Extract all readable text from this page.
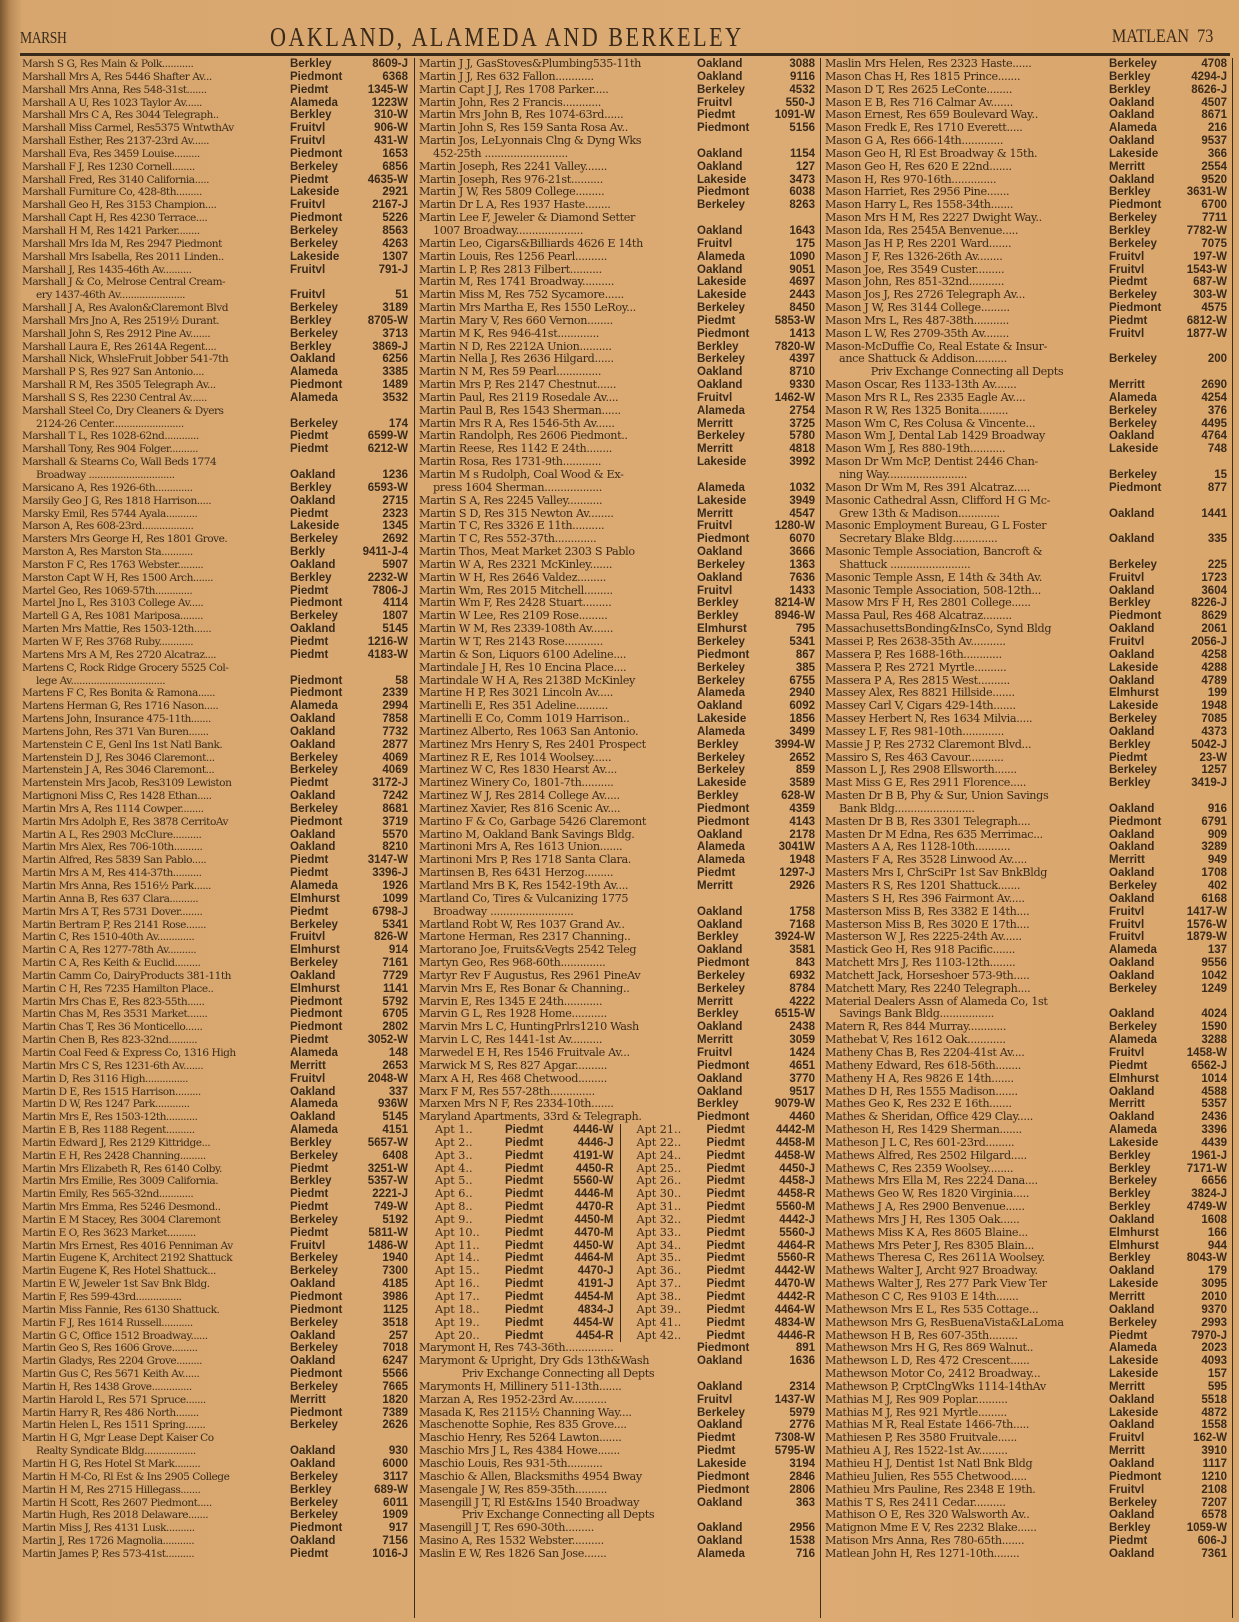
MARSH	OAKLAND, ALAMEDA AND BERKELEY	MATLEAN 73
Marsh S G, Res Main & Polk...........	Berkley	8609-J
Marshall Mrs A, Res 5446 Shafter Av...	Piedmont	6368
Marshall Mrs Anna, Res 548-31st.......	Piedmt	1345-W
Marshall A U, Res 1023 Taylor Av......	Alameda	1223W
Marshall Mrs C A, Res 3044 Telegraph..	Berkley	310-W
Marshall Miss Carmel, Res5375 WntwthAv	Fruitvl	906-W
Marshall Esther, Res 2137-23rd Av......	Fruitvl	431-W
Marshall Eva, Res 3459 Louise.........	Piedmont	1653
Marshall F J, Res 1230 Cornell........	Berkeley	6856
Marshall Fred, Res 3140 California.....	Piedmt	4635-W
Marshall Furniture Co, 428-8th.........	Lakeside	2921
Marshall Geo H, Res 3153 Champion....	Fruitvl	2167-J
Marshall Capt H, Res 4230 Terrace....	Piedmont	5226
Marshall H M, Res 1421 Parker........	Berkeley	8563
Marshall Mrs Ida M, Res 2947 Piedmont	Berkeley	4263
Marshall Mrs Isabella, Res 2011 Linden..	Lakeside	1307
Marshall J, Res 1435-46th Av..........	Fruitvl	791-J
Marshall J & Co, Melrose Central Cream-
ery 1437-46th Av.......................	Fruitvl	51
Marshall J A, Res Avalon&Claremont Blvd	Berkeley	3189
Marshall Mrs Jno A, Res 2519½ Durant.	Berkley	8705-W
Marshall John S, Res 2912 Pine Av.......	Berkeley	3713
Marshall Laura E, Res 2614A Regent....	Berkley	3869-J
Marshall Nick, WhsleFruit Jobber 541-7th	Oakland	6256
Marshall P S, Res 927 San Antonio....	Alameda	3385
Marshall R M, Res 3505 Telegraph Av...	Piedmont	1489
Marshall S S, Res 2230 Central Av......	Alameda	3532
Marshall Steel Co, Dry Cleaners & Dyers
2124-26 Center.........................	Berkeley	174
Marshall T L, Res 1028-62nd............	Piedmt	6599-W
Marshall Tony, Res 904 Folger..........	Piedmt	6212-W
Marshall & Stearns Co, Wall Beds 1774
Broadway ..............................	Oakland	1236
Marsicano A, Res 1926-6th.............	Berkley	6593-W
Marsily Geo J G, Res 1818 Harrison.....	Oakland	2715
Marsky Emil, Res 5744 Ayala...........	Piedmt	2323
Marson A, Res 608-23rd..................	Lakeside	1345
Marsters Mrs George H, Res 1801 Grove.	Berkeley	2692
Marston A, Res Marston Sta...........	Berkly	9411-J-4
Marston F C, Res 1763 Webster.........	Oakland	5907
Marston Capt W H, Res 1500 Arch.......	Berkley	2232-W
Martel Geo, Res 1069-57th.............	Piedmt	7806-J
Martel Jno L, Res 3103 College Av.....	Piedmont	4114
Martell G A, Res 1081 Mariposa........	Berkeley	1807
Marten Mrs Mattie, Res 1503-12th......	Oakland	5145
Marten W F, Res 3768 Ruby............	Piedmt	1216-W
Martens Mrs A M, Res 2720 Alcatraz....	Piedmt	4183-W
Martens C, Rock Ridge Grocery 5525 Col-
lege Av.................................	Piedmont	58
Martens F C, Res Bonita & Ramona......	Piedmont	2339
Martens Herman G, Res 1716 Nason.....	Alameda	2994
Martens John, Insurance 475-11th.......	Oakland	7858
Martens John, Res 371 Van Buren.......	Oakland	7732
Martenstein C E, Genl Ins 1st Natl Bank.	Oakland	2877
Martenstein D J, Res 3046 Claremont...	Berkeley	4069
Martenstein J A, Res 3046 Claremont...	Berkeley	4069
Martenstein Mrs Jacob, Res3109 Lewiston	Piedmt	3172-J
Martignoni Miss C, Res 1428 Ethan.....	Oakland	7242
Martin Mrs A, Res 1114 Cowper........	Berkeley	8681
Martin Mrs Adolph E, Res 3878 CerritoAv	Piedmont	3719
Martin A L, Res 2903 McClure..........	Oakland	5570
Martin Mrs Alex, Res 706-10th..........	Oakland	8210
Martin Alfred, Res 5839 San Pablo.....	Piedmt	3147-W
Martin Mrs A M, Res 414-37th..........	Piedmt	3396-J
Martin Mrs Anna, Res 1516½ Park......	Alameda	1926
Martin Anna B, Res 637 Clara..........	Elmhurst	1099
Martin Mrs A T, Res 5731 Dover........	Piedmt	6798-J
Martin Bertram P, Res 2141 Rose.......	Berkeley	5341
Martin C, Res 1510-40th Av.............	Fruitvl	826-W
Martin C A, Res 1277-78th Av..........	Elmhurst	914
Martin C A, Res Keith & Euclid.........	Berkeley	7161
Martin Camm Co, DairyProducts 381-11th	Oakland	7729
Martin C H, Res 7235 Hamilton Place..	Elmhurst	1141
Martin Mrs Chas E, Res 823-55th......	Piedmont	5792
Martin Chas M, Res 3531 Market.......	Piedmont	6705
Martin Chas T, Res 36 Monticello......	Piedmont	2802
Martin Chen B, Res 823-32nd..........	Piedmt	3052-W
Martin Coal Feed & Express Co, 1316 High	Alameda	148
Martin Mrs C S, Res 1231-6th Av.......	Merritt	2653
Martin D, Res 3116 High...............	Fruitvl	2048-W
Martin D E, Res 1515 Harrison.........	Oakland	337
Martin D W, Res 1247 Park............	Alameda	936W
Martin Mrs E, Res 1503-12th...........	Oakland	5145
Martin E B, Res 1188 Regent..........	Alameda	4151
Martin Edward J, Res 2129 Kittridge...	Berkley	5657-W
Martin E H, Res 2428 Channing.........	Berkeley	6408
Martin Mrs Elizabeth R, Res 6140 Colby.	Piedmt	3251-W
Martin Mrs Emilie, Res 3009 California.	Berkley	5357-W
Martin Emily, Res 565-32nd............	Piedmt	2221-J
Martin Mrs Emma, Res 5246 Desmond..	Piedmt	749-W
Martin E M Stacey, Res 3004 Claremont	Berkeley	5192
Martin E O, Res 3623 Market..........	Piedmt	5811-W
Martin Mrs Ernest, Res 4016 Penniman Av	Fruitvl	1486-W
Martin Eugene K, Architect 2192 Shattuck	Berkeley	1940
Martin Eugene K, Res Hotel Shattuck...	Berkeley	7300
Martin E W, Jeweler 1st Sav Bnk Bldg.	Oakland	4185
Martin F, Res 599-43rd................	Piedmont	3986
Martin Miss Fannie, Res 6130 Shattuck.	Piedmont	1125
Martin F J, Res 1614 Russell...........	Berkeley	3518
Martin G C, Office 1512 Broadway......	Oakland	257
Martin Geo S, Res 1606 Grove.........	Berkeley	7018
Martin Gladys, Res 2204 Grove.........	Oakland	6247
Martin Gus C, Res 5671 Keith Av......	Piedmont	5566
Martin H, Res 1438 Grove..............	Berkeley	7665
Martin Harold L, Res 571 Spruce.......	Merritt	1820
Martin Harry R, Res 486 North........	Piedmont	7389
Martin Helen L, Res 1511 Spring.......	Berkeley	2626
Martin H G, Mgr Lease Dept Kaiser Co
Realty Syndicate Bldg..................	Oakland	930
Martin H G, Res Hotel St Mark.........	Oakland	6000
Martin H M-Co, Rl Est & Ins 2905 College	Berkeley	3117
Martin H M, Res 2715 Hillegass.......	Berkley	689-W
Martin H Scott, Res 2607 Piedmont.....	Berkeley	6011
Martin Hugh, Res 2018 Delaware.......	Berkeley	1909
Martin Miss J, Res 4131 Lusk..........	Piedmont	917
Martin J, Res 1726 Magnolia...........	Oakland	7156
Martin James P, Res 573-41st..........	Piedmt	1016-J
Martin J J, GasStoves&Plumbing535-11th	Oakland	3088
Martin J J, Res 632 Fallon............	Oakland	9116
Martin Capt J J, Res 1708 Parker.....	Berkeley	4532
Martin John, Res 2 Francis............	Fruitvl	550-J
Martin Mrs John B, Res 1074-63rd......	Piedmt	1091-W
Martin John S, Res 159 Santa Rosa Av..	Piedmont	5156
Martin Jos, LeLyonnais Clng & Dyng Wks
452-25th ..........................	Oakland	1154
Martin Joseph, Res 2241 Valley.......	Oakland	127
Martin Joseph, Res 976-21st..........	Lakeside	3473
Martin J W, Res 5809 College.........	Piedmont	6038
Martin Dr L A, Res 1937 Haste........	Berkeley	8263
Martin Lee F, Jeweler & Diamond Setter
1007 Broadway.....................	Oakland	1643
Martin Leo, Cigars&Billiards 4626 E 14th	Fruitvl	175
Martin Louis, Res 1256 Pearl..........	Alameda	1090
Martin L P, Res 2813 Filbert..........	Oakland	9051
Martin M, Res 1741 Broadway..........	Lakeside	4697
Martin Miss M, Res 752 Sycamore......	Lakeside	2443
Martin Mrs Martha E, Res 1550 LeRoy...	Berkeley	8450
Martin Mary V, Res 660 Vernon........	Piedmt	5853-W
Martin M K, Res 946-41st.............	Piedmont	1413
Martin N D, Res 2212A Union..........	Berkley	7820-W
Martin Nella J, Res 2636 Hilgard......	Berkeley	4397
Martin N M, Res 59 Pearl..............	Oakland	8710
Martin Mrs P, Res 2147 Chestnut......	Oakland	9330
Martin Paul, Res 2119 Rosedale Av....	Fruitvl	1462-W
Martin Paul B, Res 1543 Sherman......	Alameda	2754
Martin Mrs R A, Res 1546-5th Av......	Merritt	3725
Martin Randolph, Res 2606 Piedmont..	Berkeley	5780
Martin Reese, Res 1142 E 24th........	Merritt	4818
Martin Rosa, Res 1731-9th............	Lakeside	3992
Martin M s Rudolph, Coal Wood & Ex-
press 1604 Sherman..................	Alameda	1032
Martin S A, Res 2245 Valley...........	Lakeside	3949
Martin S D, Res 315 Newton Av........	Merritt	4547
Martin T C, Res 3326 E 11th..........	Fruitvl	1280-W
Martin T C, Res 552-37th.............	Piedmont	6070
Martin Thos, Meat Market 2303 S Pablo	Oakland	3666
Martin W A, Res 2321 McKinley.......	Berkeley	1363
Martin W H, Res 2646 Valdez.........	Oakland	7636
Martin Wm, Res 2015 Mitchell.........	Fruitvl	1433
Martin Wm F, Res 2428 Stuart.........	Berkley	8214-W
Martin W Lee, Res 2109 Rose.........	Berkley	8946-W
Martin W M, Res 2339-108th Av.......	Elmhurst	795
Martin W T, Res 2143 Rose............	Berkeley	5341
Martin & Son, Liquors 6100 Adeline....	Piedmont	867
Martindale J H, Res 10 Encina Place....	Berkeley	385
Martindale W H A, Res 2138D McKinley	Berkeley	6755
Martine H P, Res 3021 Lincoln Av.....	Alameda	2940
Martinelli E, Res 351 Adeline..........	Oakland	6092
Martinelli E Co, Comm 1019 Harrison..	Lakeside	1856
Martinez Alberto, Res 1063 San Antonio.	Alameda	3499
Martinez Mrs Henry S, Res 2401 Prospect	Berkley	3994-W
Martinez R E, Res 1014 Woolsey......	Berkeley	2652
Martinez W C, Res 1830 Hearst Av....	Berkeley	859
Martinez Winery Co, 1801-7th..........	Lakeside	3589
Martinez W J, Res 2814 College Av.....	Berkley	628-W
Martinez Xavier, Res 816 Scenic Av....	Piedmont	4359
Martino F & Co, Garbage 5426 Claremont	Piedmont	4143
Martino M, Oakland Bank Savings Bldg.	Oakland	2178
Martinoni Mrs A, Res 1613 Union.......	Alameda	3041W
Martinoni Mrs P, Res 1718 Santa Clara.	Alameda	1948
Martinsen B, Res 6431 Herzog.........	Piedmt	1297-J
Martland Mrs B K, Res 1542-19th Av....	Merritt	2926
Martland Co, Tires & Vulcanizing 1775
Broadway ..........................	Oakland	1758
Martland Robt W, Res 1037 Grand Av..	Oakland	7168
Martone Herman, Res 2317 Channing..	Berkley	3924-W
Martorano Joe, Fruits&Vegts 2542 Teleg	Oakland	3581
Martyn Geo, Res 968-60th..............	Piedmont	843
Martyr Rev F Augustus, Res 2961 PineAv	Berkeley	6932
Marvin Mrs E, Res Bonar & Channing..	Berkeley	8784
Marvin E, Res 1345 E 24th............	Merritt	4222
Marvin G L, Res 1928 Home...........	Berkley	6515-W
Marvin Mrs L C, HuntingPrlrs1210 Wash	Oakland	2438
Marvin L C, Res 1441-1st Av..........	Merritt	3059
Marwedel E H, Res 1546 Fruitvale Av...	Fruitvl	1424
Marwick M S, Res 827 Apgar..........	Piedmont	4651
Marx A H, Res 468 Chetwood.........	Oakland	3770
Marx F M, Res 557-28th..............	Oakland	9517
Marxen Mrs N F, Res 2334-10th.......	Berkley	9079-W
Maryland Apartments, 33rd & Telegraph.	Piedmont	4460
Apt 1..	Piedmt	4446-W	Apt 21..	Piedmt	4442-M
Apt 2..	Piedmt	4446-J	Apt 22..	Piedmt	4458-M
Apt 3..	Piedmt	4191-W	Apt 24..	Piedmt	4458-W
Apt 4..	Piedmt	4450-R	Apt 25..	Piedmt	4450-J
Apt 5..	Piedmt	5560-W	Apt 26..	Piedmt	4458-J
Apt 6..	Piedmt	4446-M	Apt 30..	Piedmt	4458-R
Apt 8..	Piedmt	4470-R	Apt 31..	Piedmt	5560-M
Apt 9..	Piedmt	4450-M	Apt 32..	Piedmt	4442-J
Apt 10..	Piedmt	4470-M	Apt 33..	Piedmt	5560-J
Apt 11..	Piedmt	4450-W	Apt 34..	Piedmt	4464-R
Apt 14..	Piedmt	4464-M	Apt 35..	Piedmt	5560-R
Apt 15..	Piedmt	4470-J	Apt 36..	Piedmt	4442-W
Apt 16..	Piedmt	4191-J	Apt 37..	Piedmt	4470-W
Apt 17..	Piedmt	4454-M	Apt 38..	Piedmt	4442-R
Apt 18..	Piedmt	4834-J	Apt 39..	Piedmt	4464-W
Apt 19..	Piedmt	4454-W	Apt 41..	Piedmt	4834-W
Apt 20..	Piedmt	4454-R	Apt 42..	Piedmt	4446-R
Marymont H, Res 743-36th...............	Piedmont	891
Marymont & Upright, Dry Gds 13th&Wash	Oakland	1636
Priv Exchange Connecting all Depts
Marymonts H, Millinery 511-13th.......	Oakland	2314
Marzan A, Res 1952-23rd Av...........	Fruitvl	1437-W
Masada K, Res 2115½ Channing Way....	Berkeley	5979
Maschenotte Sophie, Res 835 Grove....	Oakland	2776
Maschio Henry, Res 5264 Lawton.......	Piedmt	7308-W
Maschio Mrs J L, Res 4384 Howe.......	Piedmt	5795-W
Maschio Louis, Res 931-5th...........	Lakeside	3194
Maschio & Allen, Blacksmiths 4954 Bway	Piedmont	2846
Masengale J W, Res 859-35th..........	Piedmont	2806
Masengill J T, Rl Est&Ins 1540 Broadway	Oakland	363
Priv Exchange Connecting all Depts
Masengill J T, Res 690-30th.........	Oakland	2956
Masino A, Res 1532 Webster..........	Oakland	1538
Maslin E W, Res 1826 San Jose.......	Alameda	716
Maslin Mrs Helen, Res 2323 Haste......	Berkeley	4708
Mason Chas H, Res 1815 Prince.......	Berkley	4294-J
Mason D T, Res 2625 LeConte........	Berkley	8626-J
Mason E B, Res 716 Calmar Av.......	Oakland	4507
Mason Ernest, Res 659 Boulevard Way..	Oakland	8671
Mason Fredk E, Res 1710 Everett.....	Alameda	216
Mason G A, Res 666-14th.............	Oakland	9537
Mason Geo H, Rl Est Broadway & 15th.	Lakeside	366
Mason Geo H, Res 620 E 22nd.......	Merritt	2554
Mason H, Res 970-16th..............	Oakland	9520
Mason Harriet, Res 2956 Pine.......	Berkley	3631-W
Mason Harry L, Res 1558-34th.......	Piedmont	6700
Mason Mrs H M, Res 2227 Dwight Way..	Berkeley	7711
Mason Ida, Res 2545A Benvenue.....	Berkley	7782-W
Mason Jas H P, Res 2201 Ward.......	Berkeley	7075
Mason J F, Res 1326-26th Av........	Fruitvl	197-W
Mason Joe, Res 3549 Custer.........	Fruitvl	1543-W
Mason John, Res 851-32nd...........	Piedmt	687-W
Mason Jos J, Res 2726 Telegraph Av...	Berkeley	303-W
Mason J W, Res 3144 College.........	Piedmont	4575
Mason Mrs L, Res 487-38th...........	Piedmt	6812-W
Mason L W, Res 2709-35th Av........	Fruitvl	1877-W
Mason-McDuffie Co, Real Estate & Insur-
ance Shattuck & Addison..........	Berkeley	200
Priv Exchange Connecting all Depts
Mason Oscar, Res 1133-13th Av.......	Merritt	2690
Mason Mrs R L, Res 2335 Eagle Av....	Alameda	4254
Mason R W, Res 1325 Bonita.........	Berkeley	376
Mason Wm C, Res Colusa & Vincente...	Berkeley	4495
Mason Wm J, Dental Lab 1429 Broadway	Oakland	4764
Mason Wm J, Res 880-19th...........	Lakeside	748
Mason Dr Wm McP, Dentist 2446 Chan-
ning Way.........................	Berkeley	15
Mason Dr Wm M, Res 391 Alcatraz.....	Piedmont	877
Masonic Cathedral Assn, Clifford H G Mc-
Grew 13th & Madison.............	Oakland	1441
Masonic Employment Bureau, G L Foster
Secretary Blake Bldg..............	Oakland	335
Masonic Temple Association, Bancroft &
Shattuck .........................	Berkeley	225
Masonic Temple Assn, E 14th & 34th Av.	Fruitvl	1723
Masonic Temple Association, 508-12th...	Oakland	3604
Masow Mrs F H, Res 2801 College......	Berkley	8226-J
Massa Paul, Res 468 Alcatraz.........	Piedmont	8629
MassachusettsBonding&InsCo, Synd Bldg	Oakland	2061
Massei P, Res 2638-35th Av...........	Fruitvl	2056-J
Massera P, Res 1688-16th............	Oakland	4258
Massera P, Res 2721 Myrtle..........	Lakeside	4288
Massera P A, Res 2815 West..........	Oakland	4789
Massey Alex, Res 8821 Hillside.......	Elmhurst	199
Massey Carl V, Cigars 429-14th.......	Lakeside	1948
Massey Herbert N, Res 1634 Milvia.....	Berkeley	7085
Massey L F, Res 981-10th.............	Oakland	4373
Massie J P, Res 2732 Claremont Blvd...	Berkley	5042-J
Massiro S, Res 463 Cavour...........	Piedmt	23-W
Masson L J, Res 2908 Ellsworth.......	Berkeley	1257
Mast Miss G E, Res 2911 Florence.....	Berkley	3419-J
Masten Dr B B, Phy & Sur, Union Savings
Bank Bldg.........................	Oakland	916
Masten Dr B B, Res 3301 Telegraph....	Piedmont	6791
Masten Dr M Edna, Res 635 Merrimac...	Oakland	909
Masters A A, Res 1128-10th...........	Oakland	3289
Masters F A, Res 3528 Linwood Av.....	Merritt	949
Masters Mrs I, ChrSciPr 1st Sav BnkBldg	Oakland	1708
Masters R S, Res 1201 Shattuck.......	Berkeley	402
Masters S H, Res 396 Fairmont Av.....	Oakland	6168
Masterson Miss B, Res 3382 E 14th....	Fruitvl	1417-W
Masterson Miss B, Res 3020 E 17th....	Fruitvl	1576-W
Masterson W J, Res 2225-24th Av......	Fruitvl	1879-W
Mastick Geo H, Res 918 Pacific.......	Alameda	137
Matchett Mrs J, Res 1103-12th........	Oakland	9556
Matchett Jack, Horseshoer 573-9th.....	Oakland	1042
Matchett Mary, Res 2240 Telegraph....	Berkeley	1249
Material Dealers Assn of Alameda Co, 1st
Savings Bank Bldg.................	Oakland	4024
Matern R, Res 844 Murray............	Berkeley	1590
Mathebat V, Res 1612 Oak............	Alameda	3288
Matheny Chas B, Res 2204-41st Av....	Fruitvl	1458-W
Matheny Edward, Res 618-56th........	Piedmt	6562-J
Matheny H A, Res 9826 E 14th.......	Elmhurst	1014
Mathes D H, Res 1555 Madison.......	Oakland	4588
Mathes Geo K, Res 232 E 16th.......	Merritt	5357
Mathes & Sheridan, Office 429 Clay.....	Oakland	2436
Matheson H, Res 1429 Sherman.......	Alameda	3396
Matheson J L C, Res 601-23rd.........	Lakeside	4439
Mathews Alfred, Res 2502 Hilgard.....	Berkley	1961-J
Mathews C, Res 2359 Woolsey........	Berkley	7171-W
Mathews Mrs Ella M, Res 2224 Dana....	Berkeley	6656
Mathews Geo W, Res 1820 Virginia.....	Berkley	3824-J
Mathews J A, Res 2900 Benvenue......	Berkley	4749-W
Mathews Mrs J H, Res 1305 Oak......	Oakland	1608
Mathews Miss K A, Res 8605 Blaine...	Elmhurst	166
Mathews Mrs Peter J, Res 8305 Blain...	Elmhurst	944
Mathews Theresa C, Res 2611A Woolsey.	Berkley	8043-W
Mathews Walter J, Archt 927 Broadway.	Oakland	179
Mathews Walter J, Res 277 Park View Ter	Lakeside	3095
Matheson C C, Res 9103 E 14th.......	Merritt	2010
Mathewson Mrs E L, Res 535 Cottage...	Oakland	9370
Mathewson Mrs G, ResBuenaVista&LaLoma	Berkeley	2993
Mathewson H B, Res 607-35th.........	Piedmt	7970-J
Mathewson Mrs H G, Res 869 Walnut..	Alameda	2023
Mathewson L D, Res 472 Crescent......	Lakeside	4093
Mathewson Motor Co, 2412 Broadway...	Lakeside	157
Mathewson P, CrptClngWks 1114-14thAv	Merritt	595
Mathias M J, Res 909 Poplar..........	Oakland	5518
Mathias M J, Res 921 Myrtle.........	Lakeside	4872
Mathias M R, Real Estate 1466-7th.....	Oakland	1558
Mathiesen P, Res 3580 Fruitvale......	Fruitvl	162-W
Mathieu A J, Res 1522-1st Av.........	Merritt	3910
Mathieu H J, Dentist 1st Natl Bnk Bldg	Oakland	1117
Mathieu Julien, Res 555 Chetwood.....	Piedmont	1210
Mathieu Mrs Pauline, Res 2348 E 19th.	Fruitvl	2108
Mathis T S, Res 2411 Cedar..........	Berkeley	7207
Mathison O E, Res 320 Walsworth Av..	Oakland	6578
Matignon Mme E V, Res 2232 Blake......	Berkley	1059-W
Matison Mrs Anna, Res 780-65th.......	Piedmt	606-J
Matlean John H, Res 1271-10th........	Oakland	7361
